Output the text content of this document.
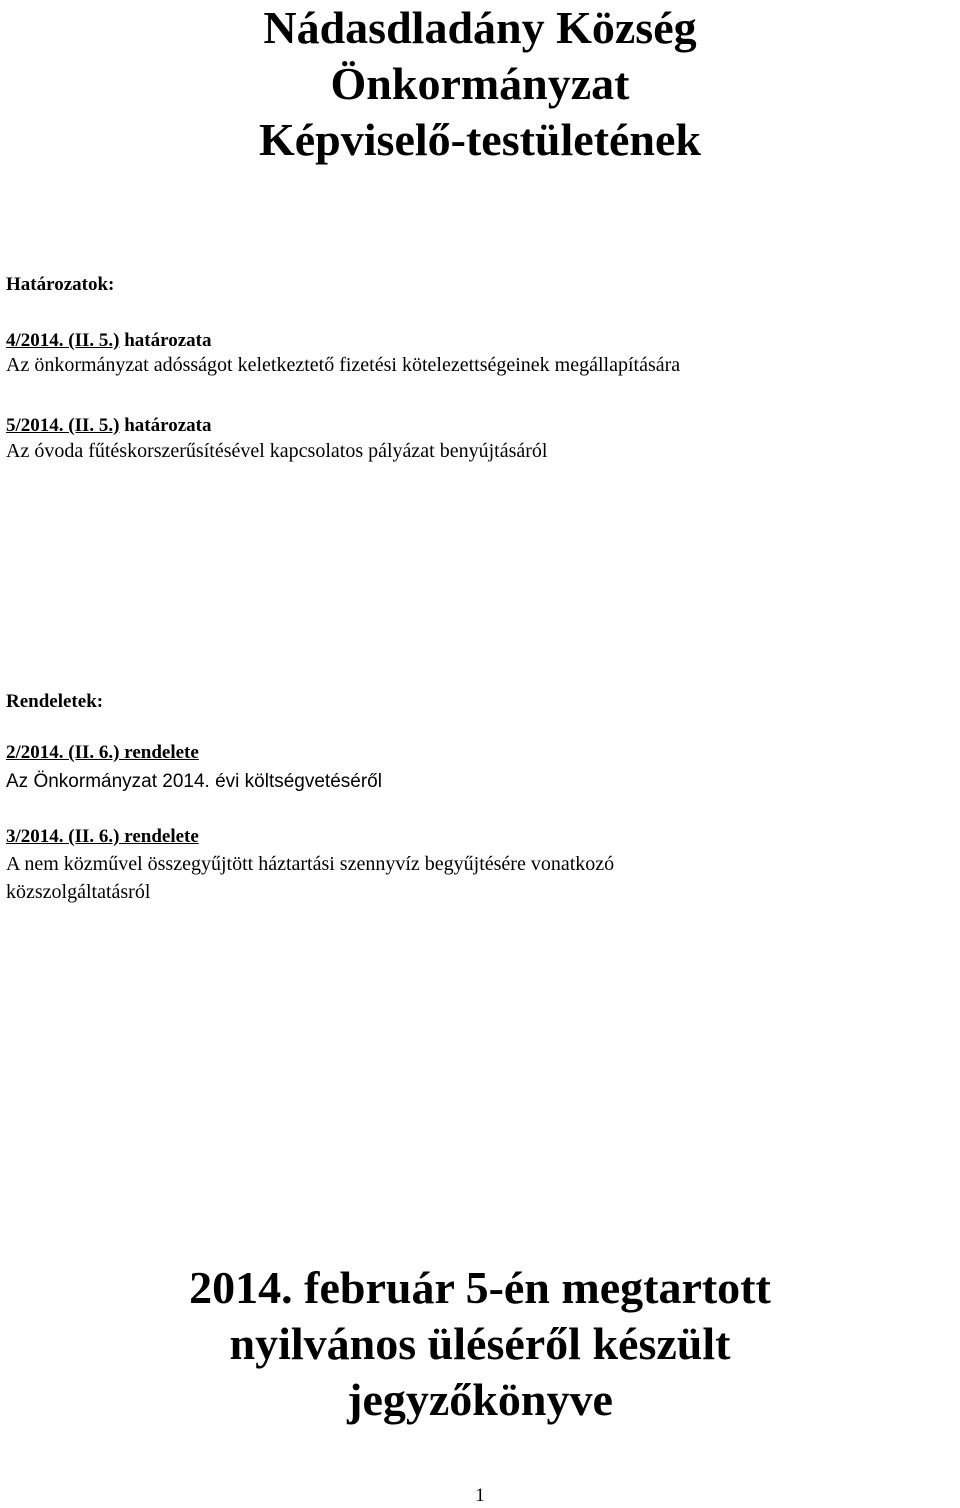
Nádasdladány Község
Önkormányzat
Képviselő-testületének
Határozatok:
4/2014. (II. 5.) határozata
Az önkormányzat adósságot keletkeztető fizetési kötelezettségeinek megállapítására
5/2014. (II. 5.) határozata
Az óvoda fűtéskorszerűsítésével kapcsolatos pályázat benyújtásáról
Rendeletek:
2/2014. (II. 6.) rendelete
Az Önkormányzat 2014. évi költségvetéséről
3/2014. (II. 6.) rendelete
A nem közművel összegyűjtött háztartási szennyvíz begyűjtésére vonatkozó
közszolgáltatásról
2014. február 5-én megtartott
nyilvános üléséről készült
jegyzőkönyve
1
